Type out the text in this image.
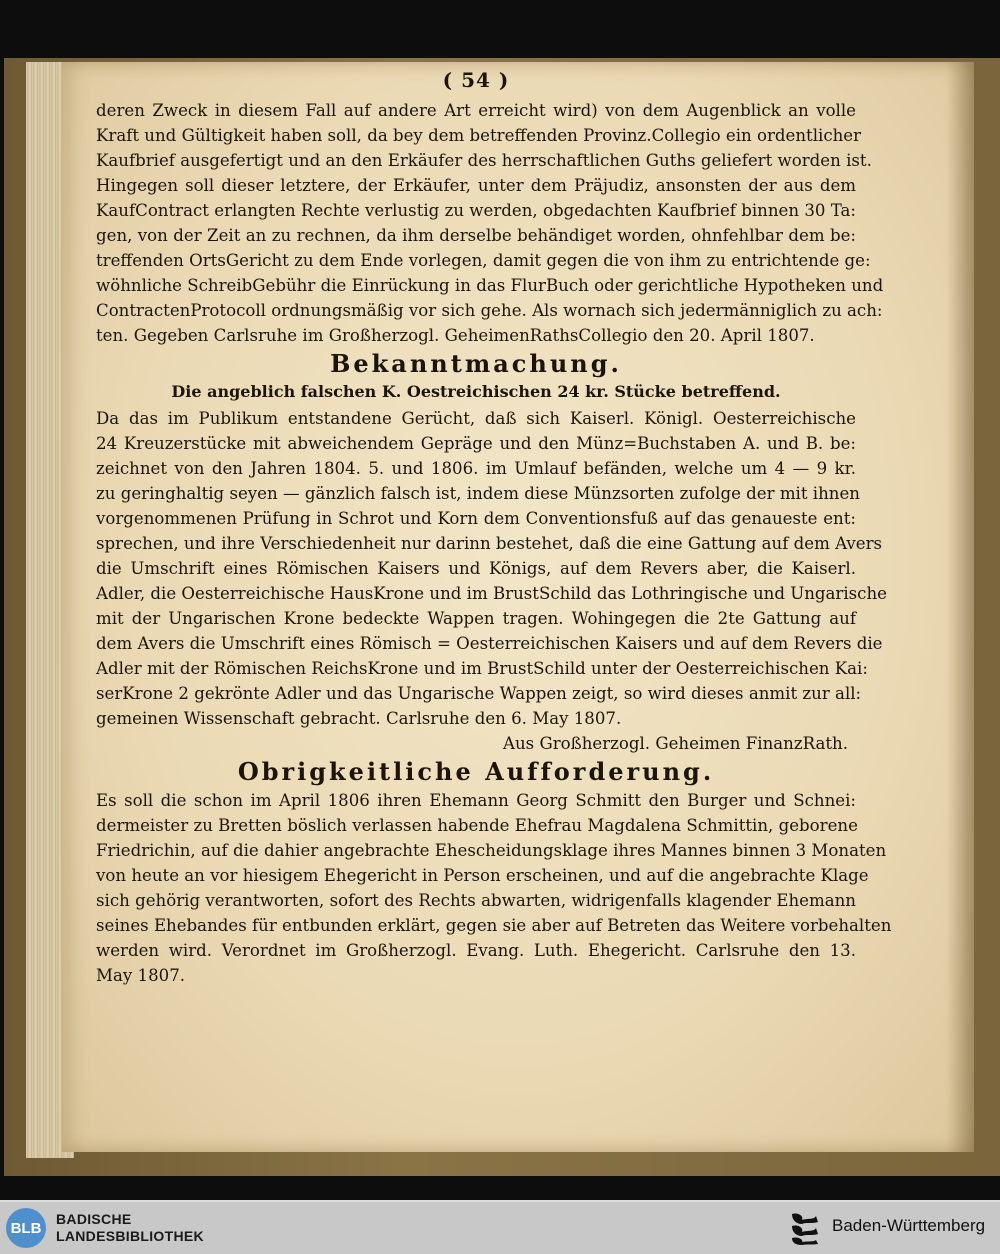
( 54 )
deren Zweck in diesem Fall auf andere Art erreicht wird) von dem Augenblick an volle
Kraft und Gültigkeit haben soll, da bey dem betreffenden Provinz.Collegio ein ordentlicher
Kaufbrief ausgefertigt und an den Erkäufer des herrschaftlichen Guths geliefert worden ist.
Hingegen soll dieser letztere, der Erkäufer, unter dem Präjudiz, ansonsten der aus dem
KaufContract erlangten Rechte verlustig zu werden, obgedachten Kaufbrief binnen 30 Ta:
gen, von der Zeit an zu rechnen, da ihm derselbe behändiget worden, ohnfehlbar dem be:
treffenden OrtsGericht zu dem Ende vorlegen, damit gegen die von ihm zu entrichtende ge:
wöhnliche SchreibGebühr die Einrückung in das FlurBuch oder gerichtliche Hypotheken und
ContractenProtocoll ordnungsmäßig vor sich gehe. Als wornach sich jedermänniglich zu ach:
ten. Gegeben Carlsruhe im Großherzogl. GeheimenRathsCollegio den 20. April 1807.
Bekanntmachung.
Die angeblich falschen K. Oestreichischen 24 kr. Stücke betreffend.
Da das im Publikum entstandene Gerücht, daß sich Kaiserl. Königl. Oesterreichische
24 Kreuzerstücke mit abweichendem Gepräge und den Münz=Buchstaben A. und B. be:
zeichnet von den Jahren 1804. 5. und 1806. im Umlauf befänden, welche um 4 — 9 kr.
zu geringhaltig seyen — gänzlich falsch ist, indem diese Münzsorten zufolge der mit ihnen
vorgenommenen Prüfung in Schrot und Korn dem Conventionsfuß auf das genaueste ent:
sprechen, und ihre Verschiedenheit nur darinn bestehet, daß die eine Gattung auf dem Avers
die Umschrift eines Römischen Kaisers und Königs, auf dem Revers aber, die Kaiserl.
Adler, die Oesterreichische HausKrone und im BrustSchild das Lothringische und Ungarische
mit der Ungarischen Krone bedeckte Wappen tragen. Wohingegen die 2te Gattung auf
dem Avers die Umschrift eines Römisch = Oesterreichischen Kaisers und auf dem Revers die
Adler mit der Römischen ReichsKrone und im BrustSchild unter der Oesterreichischen Kai:
serKrone 2 gekrönte Adler und das Ungarische Wappen zeigt, so wird dieses anmit zur all:
gemeinen Wissenschaft gebracht. Carlsruhe den 6. May 1807.
Aus Großherzogl. Geheimen FinanzRath.
Obrigkeitliche Aufforderung.
Es soll die schon im April 1806 ihren Ehemann Georg Schmitt den Burger und Schnei:
dermeister zu Bretten böslich verlassen habende Ehefrau Magdalena Schmittin, geborene
Friedrichin, auf die dahier angebrachte Ehescheidungsklage ihres Mannes binnen 3 Monaten
von heute an vor hiesigem Ehegericht in Person erscheinen, und auf die angebrachte Klage
sich gehörig verantworten, sofort des Rechts abwarten, widrigenfalls klagender Ehemann
seines Ehebandes für entbunden erklärt, gegen sie aber auf Betreten das Weitere vorbehalten
werden wird. Verordnet im Großherzogl. Evang. Luth. Ehegericht. Carlsruhe den 13.
May 1807.
BLB
BADISCHE
LANDESBIBLIOTHEK
Baden-Württemberg
